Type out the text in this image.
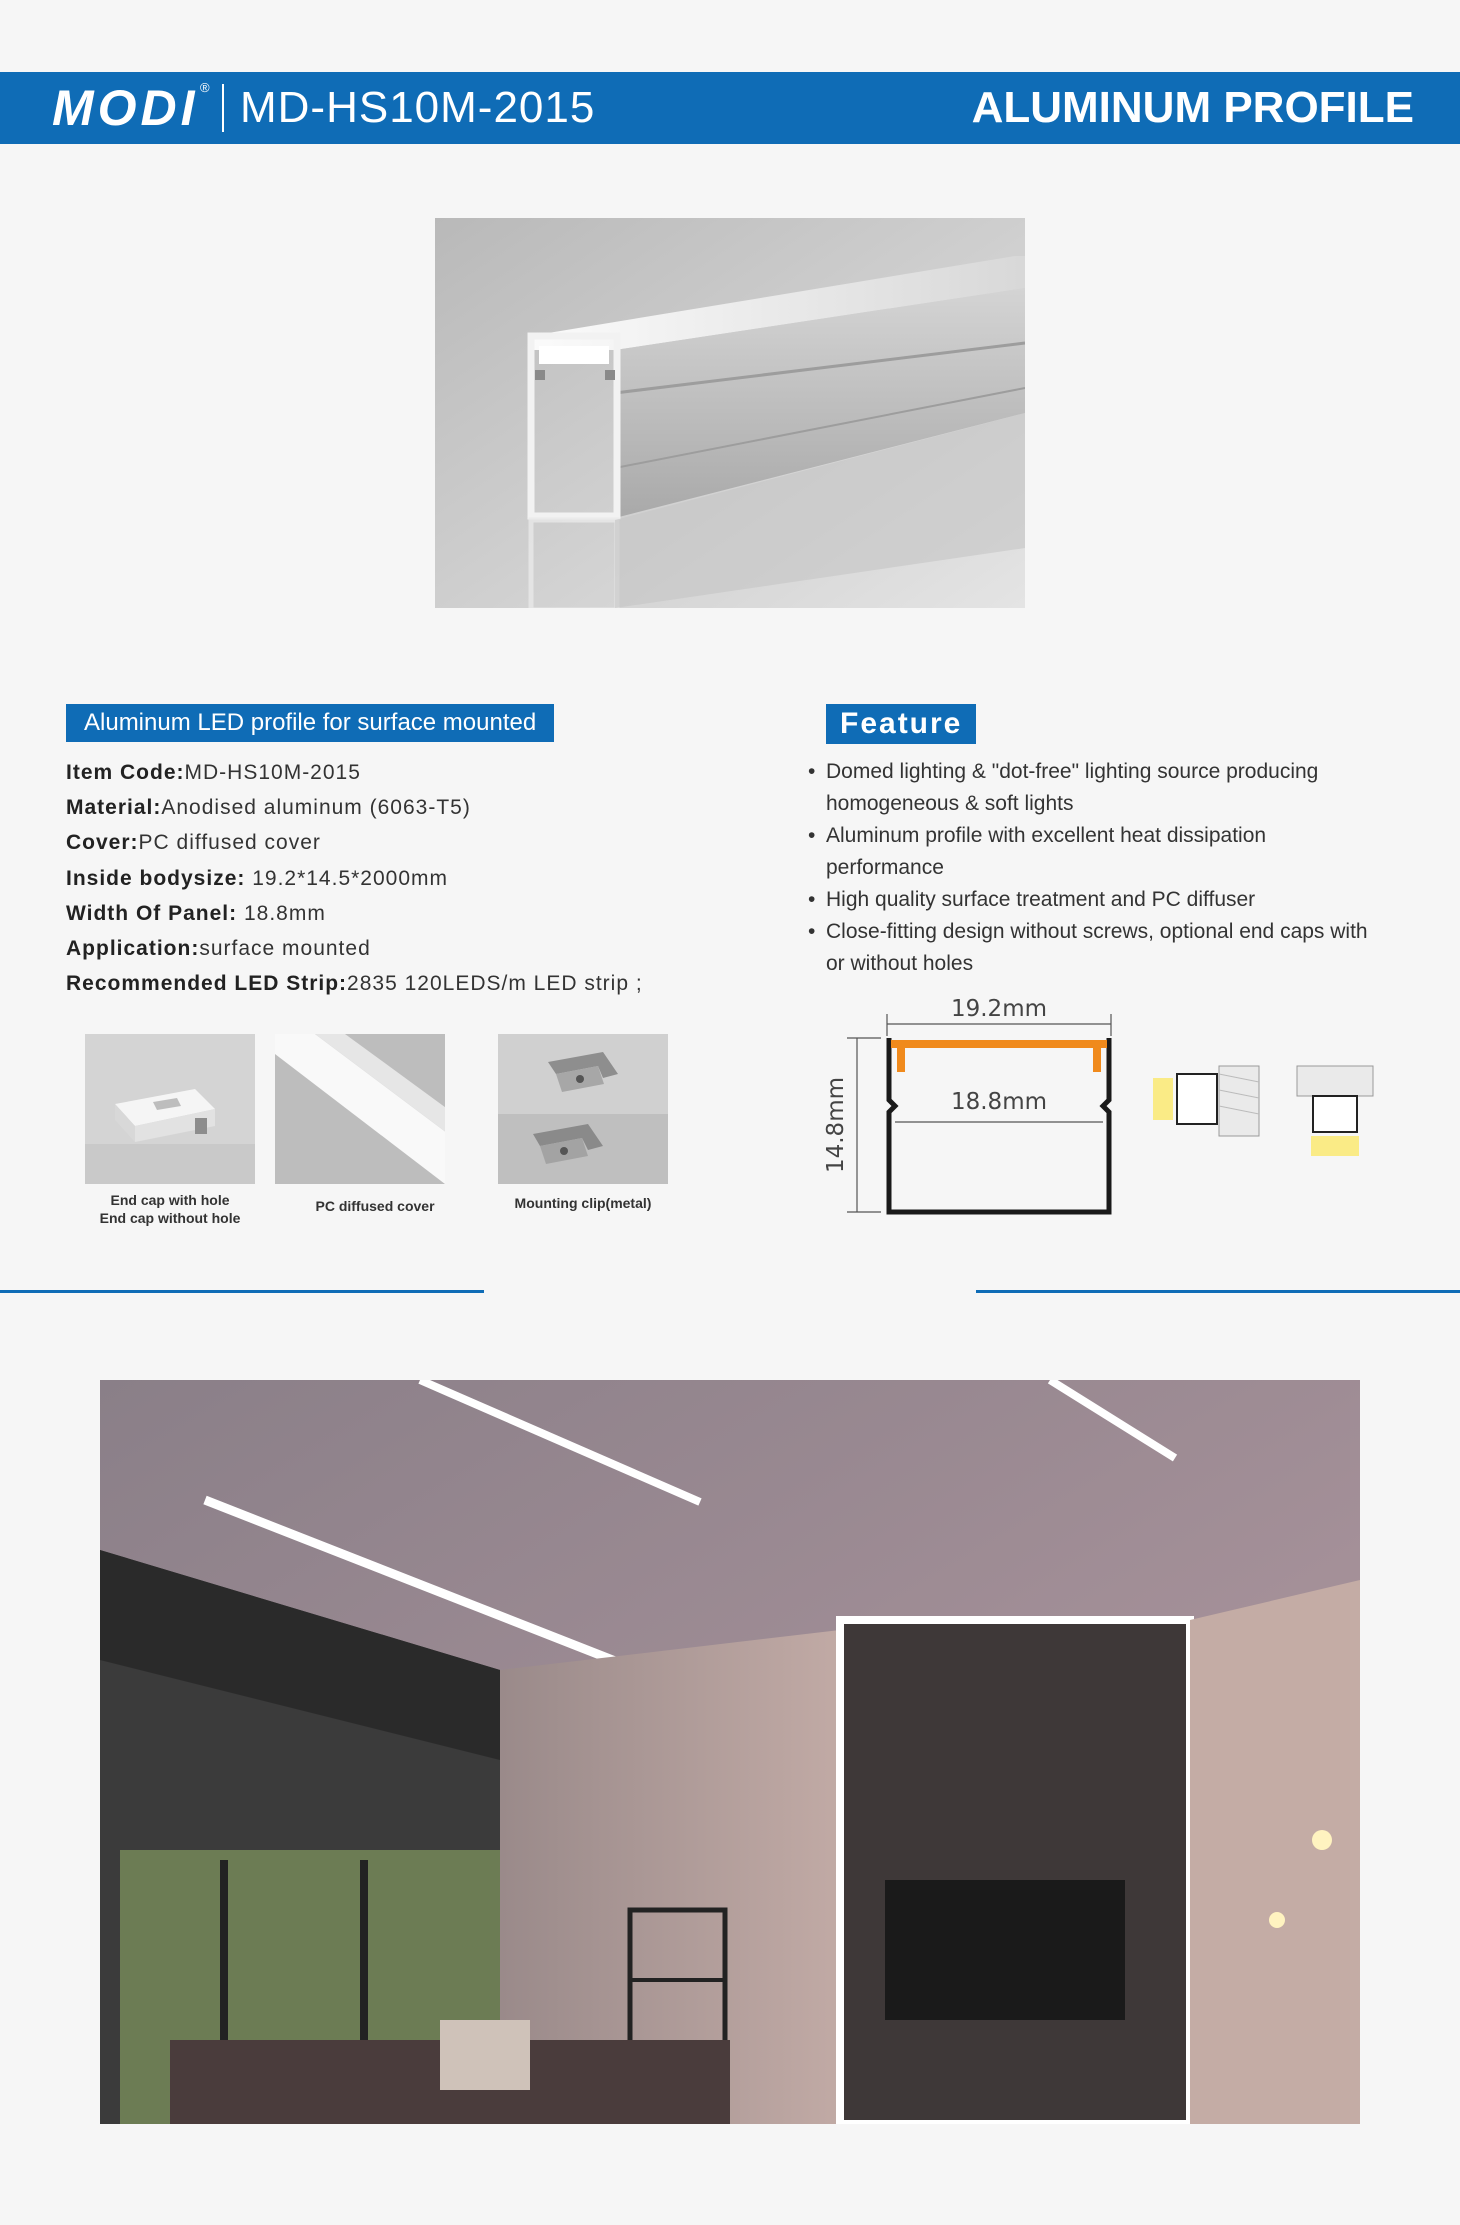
MODI ® MD-HS10M-2015	ALUMINUM PROFILE
Aluminum LED profile for surface mounted
Item Code:MD-HS10M-2015
Material:Anodised aluminum (6063-T5)
Cover:PC diffused cover
Inside bodysize: 19.2*14.5*2000mm
Width Of Panel: 18.8mm
Application:surface mounted
Recommended LED Strip:2835 120LEDS/m LED strip ;
End cap with hole
End cap without hole
PC diffused cover	Mounting clip(metal)
Feature

• Domed lighting & "dot-free" lighting source producing homogeneous & soft lights

• Aluminum profile with excellent heat dissipation performance

• High quality surface treatment and PC diffuser

• Close-fitting design without screws, optional end caps with or without holes

19.2mm
14.8mm	18.8mm
